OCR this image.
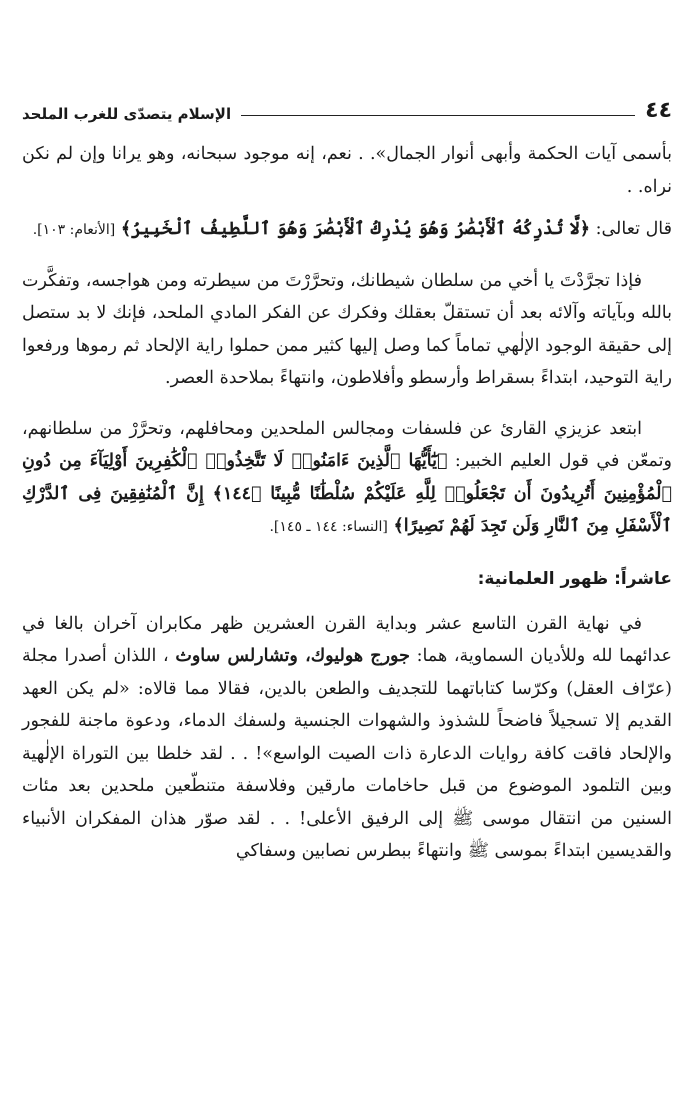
٤٤
الإسلام يتصدّى للغرب الملحد

بأسمى آيات الحكمة وأبهى أنوار الجمال». . نعم، إنه موجود سبحانه، وهو يرانا وإن لم نكن نراه. .

قال تعالى: ﴿لَّا تُدْرِكُهُ ٱلْأَبْصَٰرُ وَهُوَ يُدْرِكُ ٱلْأَبْصَٰرَ وَهُوَ ٱللَّطِيفُ ٱلْخَبِيرُ﴾ [الأنعام: ١٠٣].

فإذا تجرَّدْتَ يا أخي من سلطان شيطانك، وتحرَّرْتَ من سيطرته ومن هواجسه، وتفكَّرت بالله وبآياته وآلائه بعد أن تستقلّ بعقلك وفكرك عن الفكر المادي الملحد، فإنك لا بد ستصل إلى حقيقة الوجود الإلٰهي تماماً كما وصل إليها كثير ممن حملوا راية الإلحاد ثم رموها ورفعوا راية التوحيد، ابتداءً بسقراط وأرسطو وأفلاطون، وانتهاءً بملاحدة العصر.

ابتعد عزيزي القارئ عن فلسفات ومجالس الملحدين ومحافلهم، وتحرَّرْ من سلطانهم، وتمعّن في قول العليم الخبير: ﴿يَٰٓأَيُّهَا ٱلَّذِينَ ءَامَنُوا۟ لَا تَتَّخِذُوا۟ ٱلْكَٰفِرِينَ أَوْلِيَآءَ مِن دُونِ ٱلْمُؤْمِنِينَ أَتُرِيدُونَ أَن تَجْعَلُوا۟ لِلَّهِ عَلَيْكُمْ سُلْطَٰنًا مُّبِينًا ﴿١٤٤﴾ إِنَّ ٱلْمُنَٰفِقِينَ فِى ٱلدَّرْكِ ٱلْأَسْفَلِ مِنَ ٱلنَّارِ وَلَن تَجِدَ لَهُمْ نَصِيرًا﴾ [النساء: ١٤٤ ـ ١٤٥].

عاشراً: ظهور العلمانية:

في نهاية القرن التاسع عشر وبداية القرن العشرين ظهر مكابران آخران بالغا في عدائهما لله وللأديان السماوية، هما: جورج هوليوك، وتشارلس ساوث ، اللذان أصدرا مجلة (عرّاف العقل) وكرّسا كتاباتهما للتجديف والطعن بالدين، فقالا مما قالاه: «لم يكن العهد القديم إلا تسجيلاً فاضحاً للشذوذ والشهوات الجنسية ولسفك الدماء، ودعوة ماجنة للفجور والإلحاد فاقت كافة روايات الدعارة ذات الصيت الواسع»! . . لقد خلطا بين التوراة الإلٰهية وبين التلمود الموضوع من قبل حاخامات مارقين وفلاسفة متنطّعين ملحدين بعد مئات السنين من انتقال موسى ﷺ إلى الرفيق الأعلى! . . لقد صوّر هذان المفكران الأنبياء والقديسين ابتداءً بموسى ﷺ وانتهاءً ببطرس نصابين وسفاكي
